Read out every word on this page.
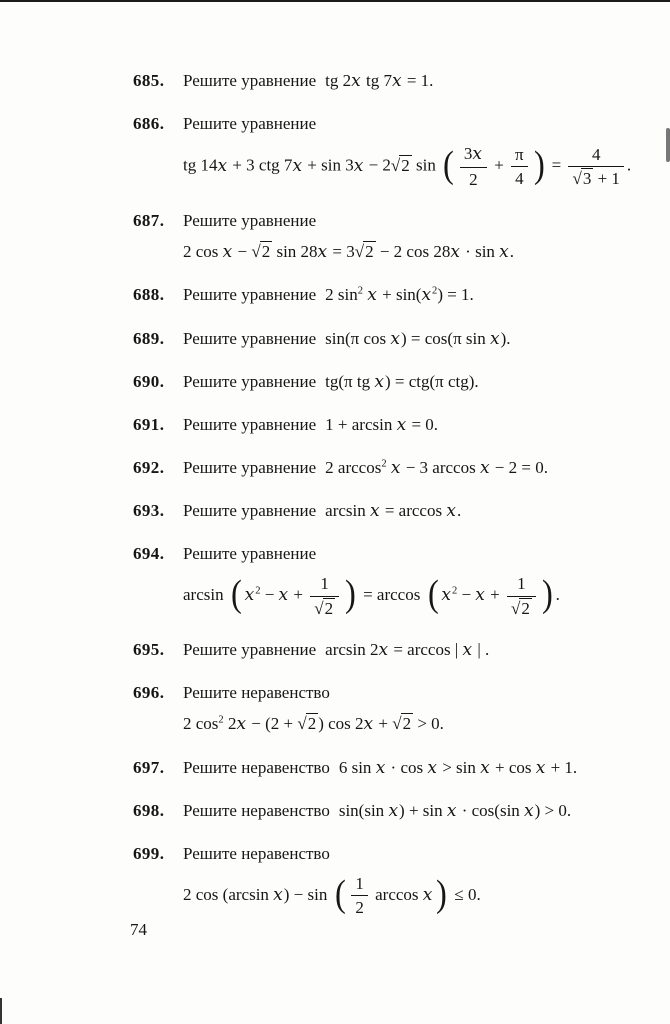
685.	Решите уравнение tg 2x tg 7x = 1.
686.	Решите уравнение
tg 14x + 3 ctg 7x + sin 3x − 2√ 2 sin ( $\frac{3x}{2} + \frac{\pi}{4}$ ) = $\frac{4}{√ 3 + 1}$ .
687.	Решите уравнение
2 cos x − √ 2 sin 28x = 3√ 2 − 2 cos 28x · sin x.
688.	Решите уравнение 2 $\sin^2 x + \sin(x^2) = 1$.
689.	Решите уравнение sin(π cos x) = cos(π sin x).
690.	Решите уравнение tg(π tg x) = ctg(π ctg).
691.	Решите уравнение 1 + arcsin x = 0.
692.	Решите уравнение 2 $\arccos^2 x - 3$ arccos x − 2 = 0.
693.	Решите уравнение arcsin x = arccos x.
694.	Решите уравнение
arcsin ( $x^2 - x + \frac{1}{√ 2}$ ) = arccos ( $x^2 - x + \frac{1}{√ 2}$ ) .
695.	Решите уравнение arcsin 2x = arccos | x | .
696.	Решите неравенство
2 $\cos^2 2x - (2$ + √ 2 ) cos 2x + √ 2 > 0.
697.	Решите неравенство 6 sin x · cos x > sin x + cos x + 1.
698.	Решите неравенство sin(sin x) + sin x · cos(sin x) > 0.
699.	Решите неравенство
2 cos (arcsin x) − sin ( $\frac{1}{2}$ arccos x ) ≤ 0.
74
